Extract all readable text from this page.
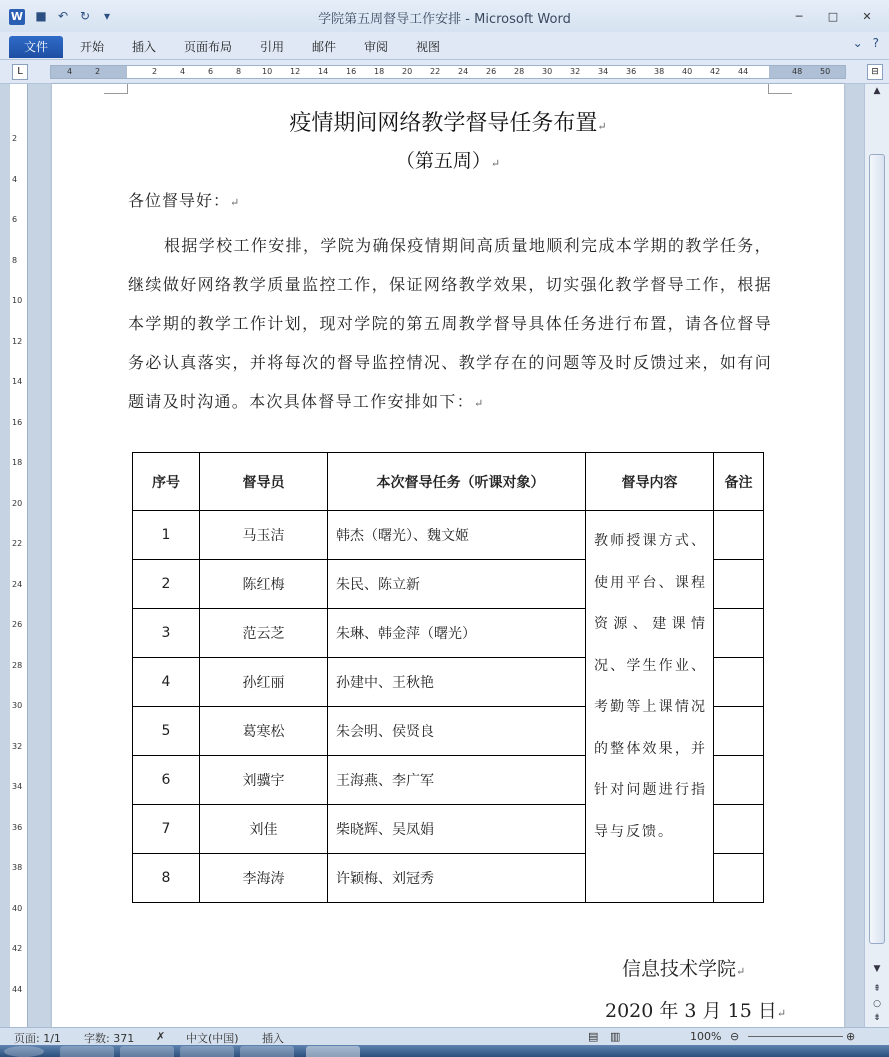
W ■ ↶ ↻	▾	学院第五周督导工作安排 - Microsoft Word	─	□	✕
文件	开始 插入 页面布局 引用 邮件 审阅 视图	⌄ ?
L	4	2	2	4	6	8	10 12 14 16 18 20 22 24 26 28 30 32 34 36 38 40 42 44	48 50	⊟
2
4
6
8
10
12
14
16
18
20
22
24
26
28
30
32
34
36
38
40
42
44
疫情期间网络教学督导任务布置↵
（第五周）↵
各位督导好：↵
根据学校工作安排，学院为确保疫情期间高质量地顺利完成本学期的教学任务，继续做好网络教学质量监控工作，保证网络教学效果，切实强化教学督导工作，根据本学期的教学工作计划，现对学院的第五周教学督导具体任务进行布置，请各位督导务必认真落实，并将每次的督导监控情况、教学存在的问题等及时反馈过来，如有问题请及时沟通。本次具体督导工作安排如下：↵
序号	督导员	本次督导任务（听课对象）	督导内容	备注
1	马玉洁	韩杰（曙光）、魏文姬	教师授课方式、使用平台、课程资源、建课情况、学生作业、考勤等上课情况的整体效果，并针对问题进行指导与反馈。	
2	陈红梅	朱民、陈立新		
3	范云芝	朱琳、韩金萍（曙光）		
4	孙红丽	孙建中、王秋艳		
5	葛寒松	朱会明、侯贤良		
6	刘骥宇	王海燕、李广军		
7	刘佳	柴晓辉、吴凤娟		
8	李海涛	许颖梅、刘冠秀		
信息技术学院↵
2020 年 3 月 15 日↵
▲
▼
⇞
○
⇟
页面: 1/1 字数: 371 ✗ 中文(中国) 插入	▤ ▥	100% ⊖	⊕
